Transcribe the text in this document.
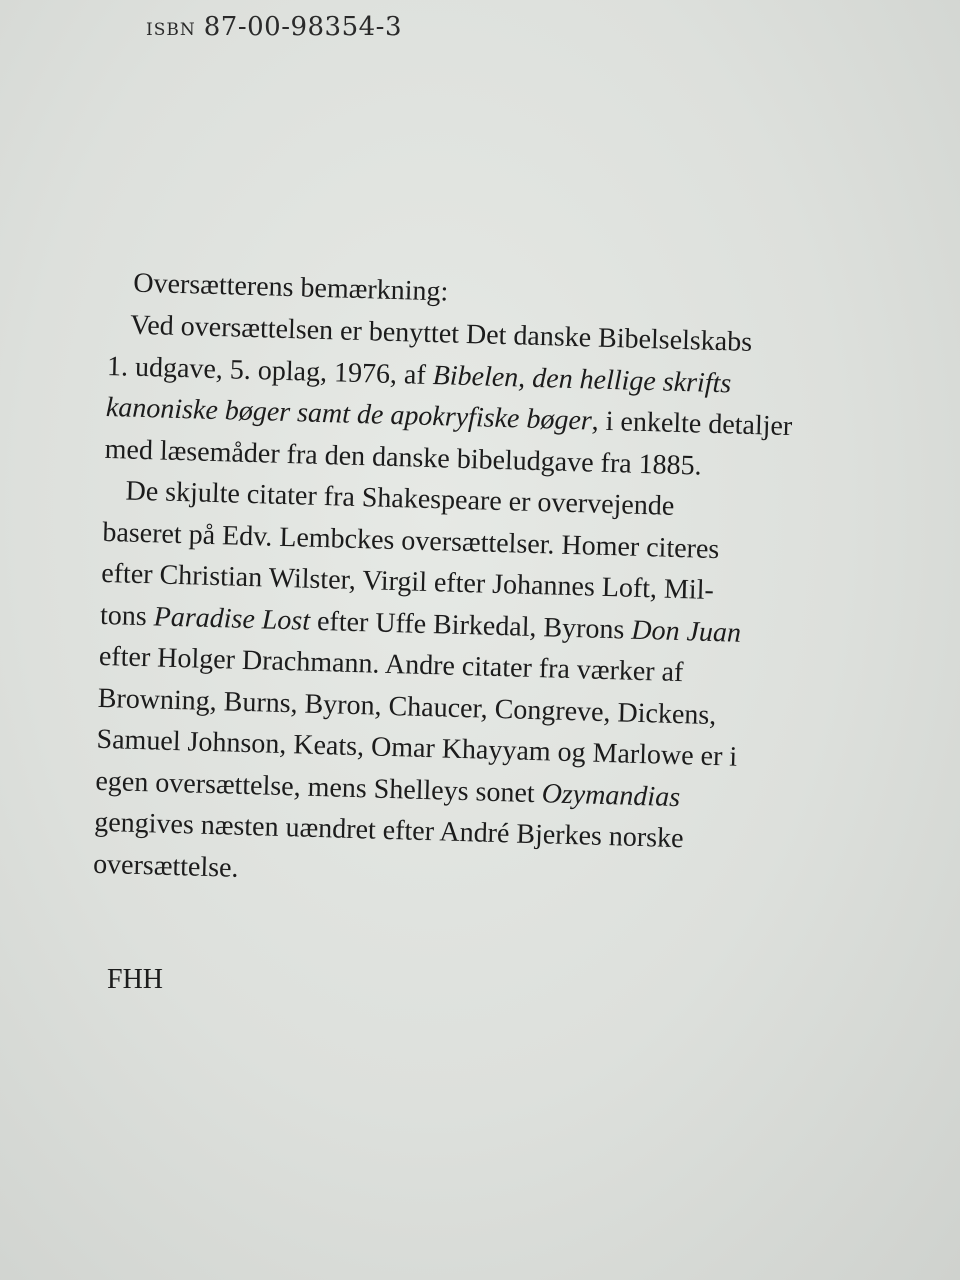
ISBN 87-00-98354-3
Oversætterens bemærkning:
Ved oversættelsen er benyttet Det danske Bibelselskabs
1. udgave, 5. oplag, 1976, af Bibelen, den hellige skrifts
kanoniske bøger samt de apokryfiske bøger, i enkelte detaljer
med læsemåder fra den danske bibeludgave fra 1885.
De skjulte citater fra Shakespeare er overvejende
baseret på Edv. Lembckes oversættelser. Homer citeres
efter Christian Wilster, Virgil efter Johannes Loft, Mil-
tons Paradise Lost efter Uffe Birkedal, Byrons Don Juan
efter Holger Drachmann. Andre citater fra værker af
Browning, Burns, Byron, Chaucer, Congreve, Dickens,
Samuel Johnson, Keats, Omar Khayyam og Marlowe er i
egen oversættelse, mens Shelleys sonet Ozymandias
gengives næsten uændret efter André Bjerkes norske
oversættelse.
FHH
